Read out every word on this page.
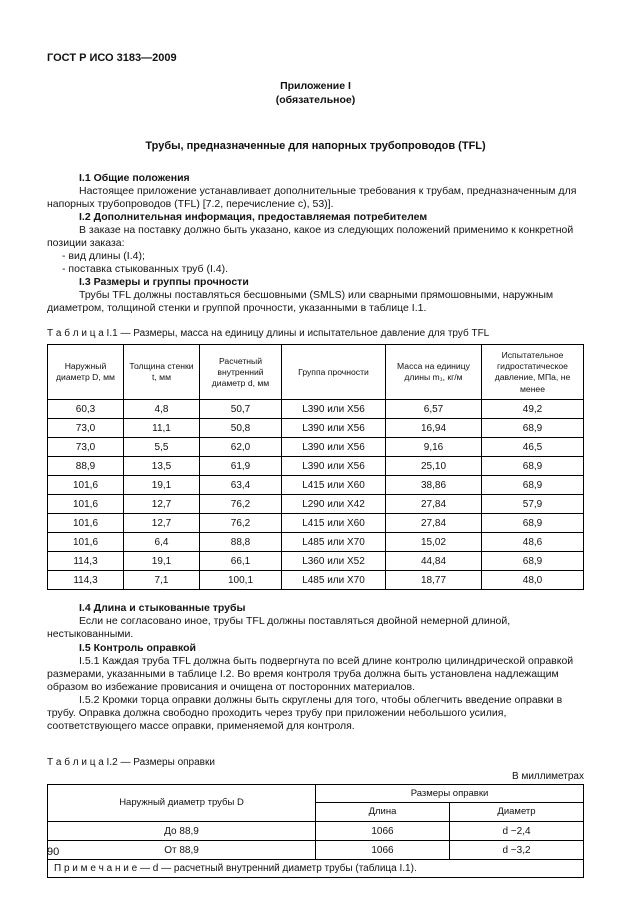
ГОСТ Р ИСО 3183—2009
Приложение I
(обязательное)
Трубы, предназначенные для напорных трубопроводов (TFL)

I.1 Общие положения

Настоящее приложение устанавливает дополнительные требования к трубам, предназначенным для напорных трубопроводов (TFL) [7.2, перечисление c), 53)].

I.2 Дополнительная информация, предоставляемая потребителем

В заказе на поставку должно быть указано, какое из следующих положений применимо к конкретной позиции заказа:

- вид длины (I.4);

- поставка стыкованных труб (I.4).

I.3 Размеры и группы прочности

Трубы TFL должны поставляться бесшовными (SMLS) или сварными прямошовными, наружным диаметром, толщиной стенки и группой прочности, указанными в таблице I.1.

Т а б л и ц а I.1 — Размеры, масса на единицу длины и испытательное давление для труб TFL
Наружный диаметр D, мм	Толщина стенки t, мм	Расчетный внутренний диаметр d, мм	Группа прочности	Масса на единицу длины m₁, кг/м	Испытательное гидростатическое давление, МПа, не менее
60,3	4,8	50,7	L390 или X56	6,57	49,2
73,0	11,1	50,8	L390 или X56	16,94	68,9
73,0	5,5	62,0	L390 или X56	9,16	46,5
88,9	13,5	61,9	L390 или X56	25,10	68,9
101,6	19,1	63,4	L415 или X60	38,86	68,9
101,6	12,7	76,2	L290 или X42	27,84	57,9
101,6	12,7	76,2	L415 или X60	27,84	68,9
101,6	6,4	88,8	L485 или X70	15,02	48,6
114,3	19,1	66,1	L360 или X52	44,84	68,9
114,3	7,1	100,1	L485 или X70	18,77	48,0

I.4 Длина и стыкованные трубы

Если не согласовано иное, трубы TFL должны поставляться двойной немерной длиной, нестыкованными.

I.5 Контроль оправкой

I.5.1 Каждая труба TFL должна быть подвергнута по всей длине контролю цилиндрической оправкой размерами, указанными в таблице I.2. Во время контроля труба должна быть установлена надлежащим образом во избежание провисания и очищена от посторонних материалов.

I.5.2 Кромки торца оправки должны быть скруглены для того, чтобы облегчить введение оправки в трубу. Оправка должна свободно проходить через трубу при приложении небольшого усилия, соответствующего массе оправки, применяемой для контроля.

Т а б л и ц а I.2 — Размеры оправки
В миллиметрах
Наружный диаметр трубы D	Размеры оправки	
	Длина	Диаметр
До 88,9	1066	d −2,4
От 88,9	1066	d −3,2
П р и м е ч а н и е — d — расчетный внутренний диаметр трубы (таблица I.1).		
90
